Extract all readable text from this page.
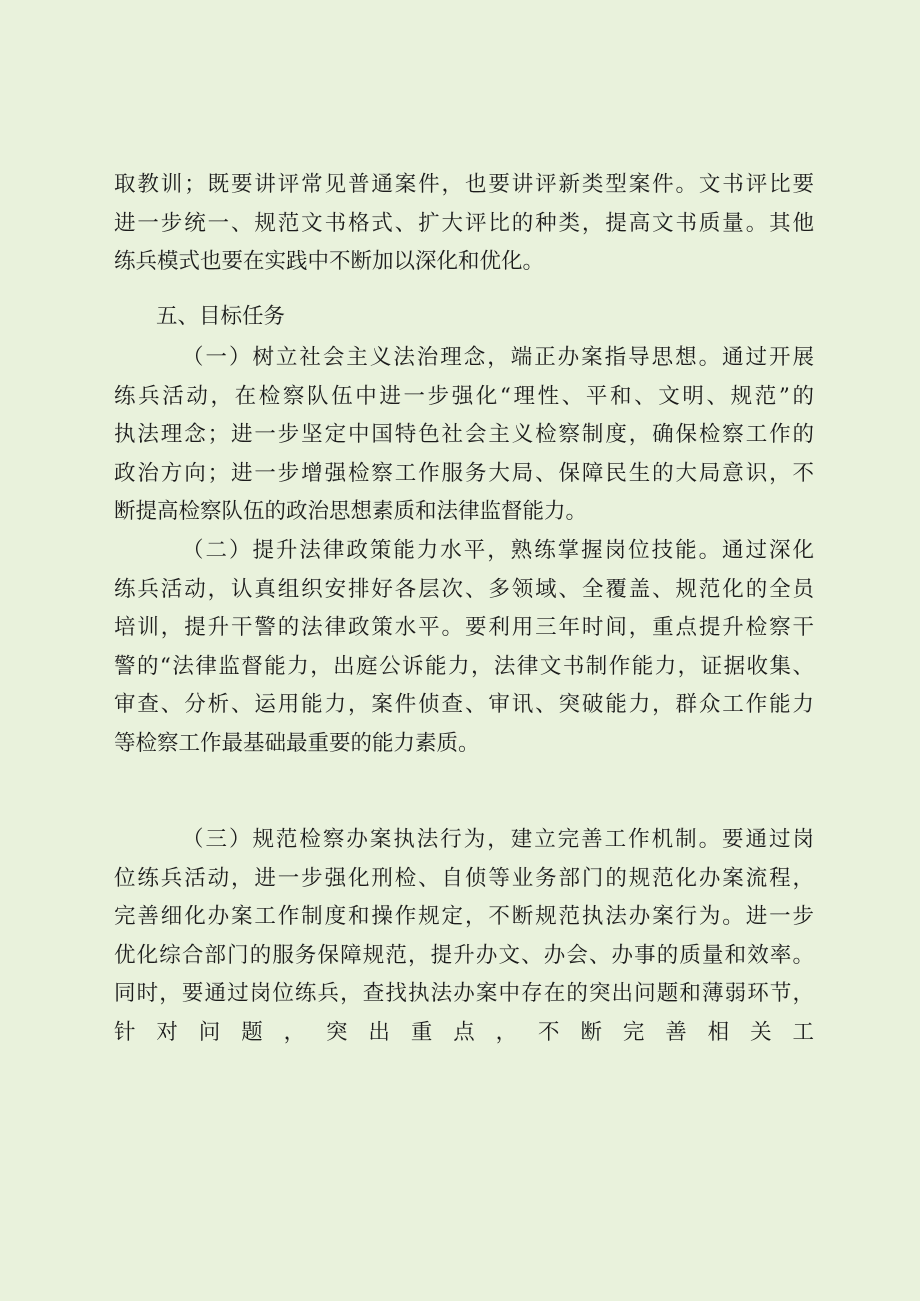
取教训；既要讲评常见普通案件，也要讲评新类型案件。文书评比要
进一步统一、规范文书格式、扩大评比的种类，提高文书质量。其他
练兵模式也要在实践中不断加以深化和优化。
五、目标任务
（一）树立社会主义法治理念，端正办案指导思想。通过开展
练兵活动，在检察队伍中进一步强化“理性、平和、文明、规范”的
执法理念；进一步坚定中国特色社会主义检察制度，确保检察工作的
政治方向；进一步增强检察工作服务大局、保障民生的大局意识，不
断提高检察队伍的政治思想素质和法律监督能力。
（二）提升法律政策能力水平，熟练掌握岗位技能。通过深化
练兵活动，认真组织安排好各层次、多领域、全覆盖、规范化的全员
培训，提升干警的法律政策水平。要利用三年时间，重点提升检察干
警的“法律监督能力，出庭公诉能力，法律文书制作能力，证据收集、
审查、分析、运用能力，案件侦查、审讯、突破能力，群众工作能力
等检察工作最基础最重要的能力素质。
（三）规范检察办案执法行为，建立完善工作机制。要通过岗
位练兵活动，进一步强化刑检、自侦等业务部门的规范化办案流程，
完善细化办案工作制度和操作规定，不断规范执法办案行为。进一步
优化综合部门的服务保障规范，提升办文、办会、办事的质量和效率。
同时，要通过岗位练兵，查找执法办案中存在的突出问题和薄弱环节，
针 对 问 题 ， 突 出 重 点 ， 不 断 完 善 相 关 工
